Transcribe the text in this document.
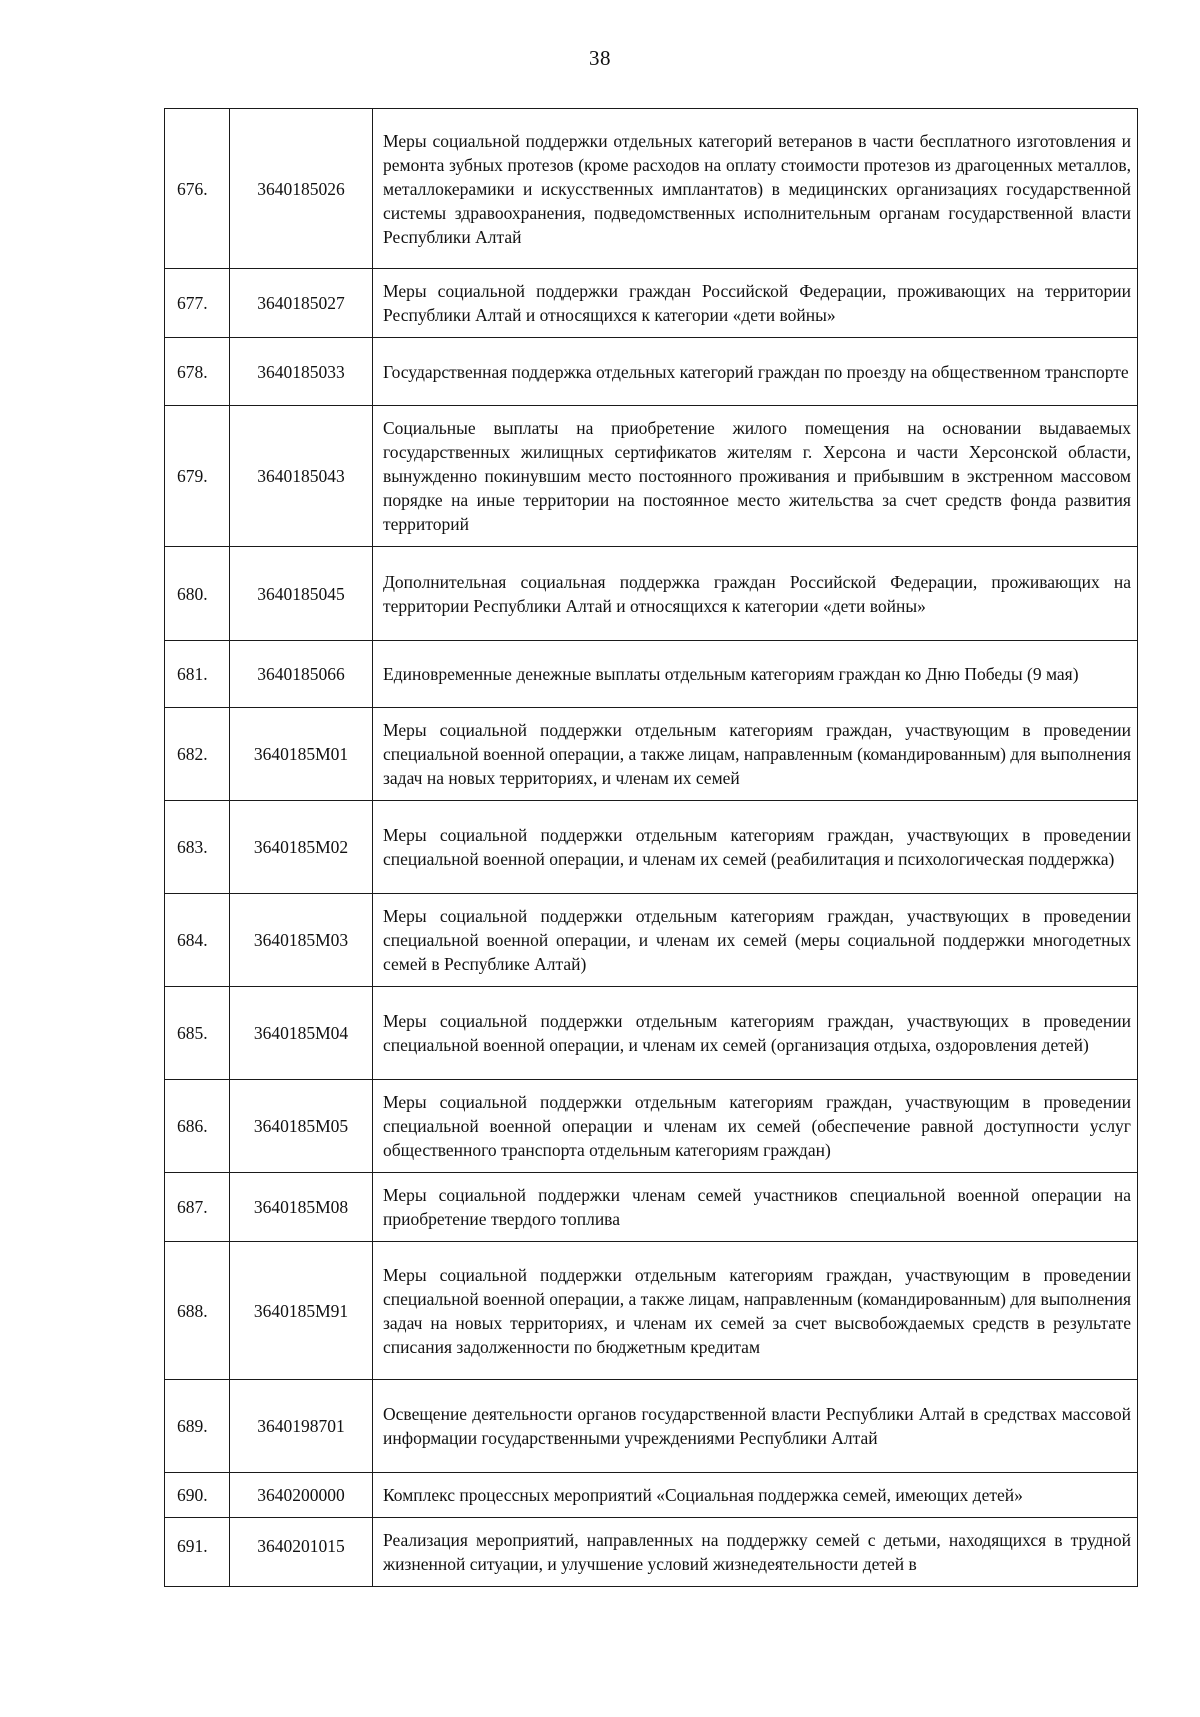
38
676.	3640185026	Меры социальной поддержки отдельных категорий ветеранов в части бесплатного изготовления и ремонта зубных протезов (кроме расходов на оплату стоимости протезов из драгоценных металлов, металлокерамики и искусственных имплантатов) в медицинских организациях государственной системы здравоохранения, подведомственных исполнительным органам государственной власти Республики Алтай
677.	3640185027	Меры социальной поддержки граждан Российской Федерации, проживающих на территории Республики Алтай и относящихся к категории «дети войны»
678.	3640185033	Государственная поддержка отдельных категорий граждан по проезду на общественном транспорте
679.	3640185043	Социальные выплаты на приобретение жилого помещения на основании выдаваемых государственных жилищных сертификатов жителям г. Херсона и части Херсонской области, вынужденно покинувшим место постоянного проживания и прибывшим в экстренном массовом порядке на иные территории на постоянное место жительства за счет средств фонда развития территорий
680.	3640185045	Дополнительная социальная поддержка граждан Российской Федерации, проживающих на территории Республики Алтай и относящихся к категории «дети войны»
681.	3640185066	Единовременные денежные выплаты отдельным категориям граждан ко Дню Победы (9 мая)
682.	3640185М01	Меры социальной поддержки отдельным категориям граждан, участвующим в проведении специальной военной операции, а также лицам, направленным (командированным) для выполнения задач на новых территориях, и членам их семей
683.	3640185М02	Меры социальной поддержки отдельным категориям граждан, участвующих в проведении специальной военной операции, и членам их семей (реабилитация и психологическая поддержка)
684.	3640185М03	Меры социальной поддержки отдельным категориям граждан, участвующих в проведении специальной военной операции, и членам их семей (меры социальной поддержки многодетных семей в Республике Алтай)
685.	3640185М04	Меры социальной поддержки отдельным категориям граждан, участвующих в проведении специальной военной операции, и членам их семей (организация отдыха, оздоровления детей)
686.	3640185М05	Меры социальной поддержки отдельным категориям граждан, участвующим в проведении специальной военной операции и членам их семей (обеспечение равной доступности услуг общественного транспорта отдельным категориям граждан)
687.	3640185М08	Меры социальной поддержки членам семей участников специальной военной операции на приобретение твердого топлива
688.	3640185М91	Меры социальной поддержки отдельным категориям граждан, участвующим в проведении специальной военной операции, а также лицам, направленным (командированным) для выполнения задач на новых территориях, и членам их семей за счет высвобождаемых средств в результате списания задолженности по бюджетным кредитам
689.	3640198701	Освещение деятельности органов государственной власти Республики Алтай в средствах массовой информации государственными учреждениями Республики Алтай
690.	3640200000	Комплекс процессных мероприятий «Социальная поддержка семей, имеющих детей»
691.	3640201015	Реализация мероприятий, направленных на поддержку семей с детьми, находящихся в трудной жизненной ситуации, и улучшение условий жизнедеятельности детей в
